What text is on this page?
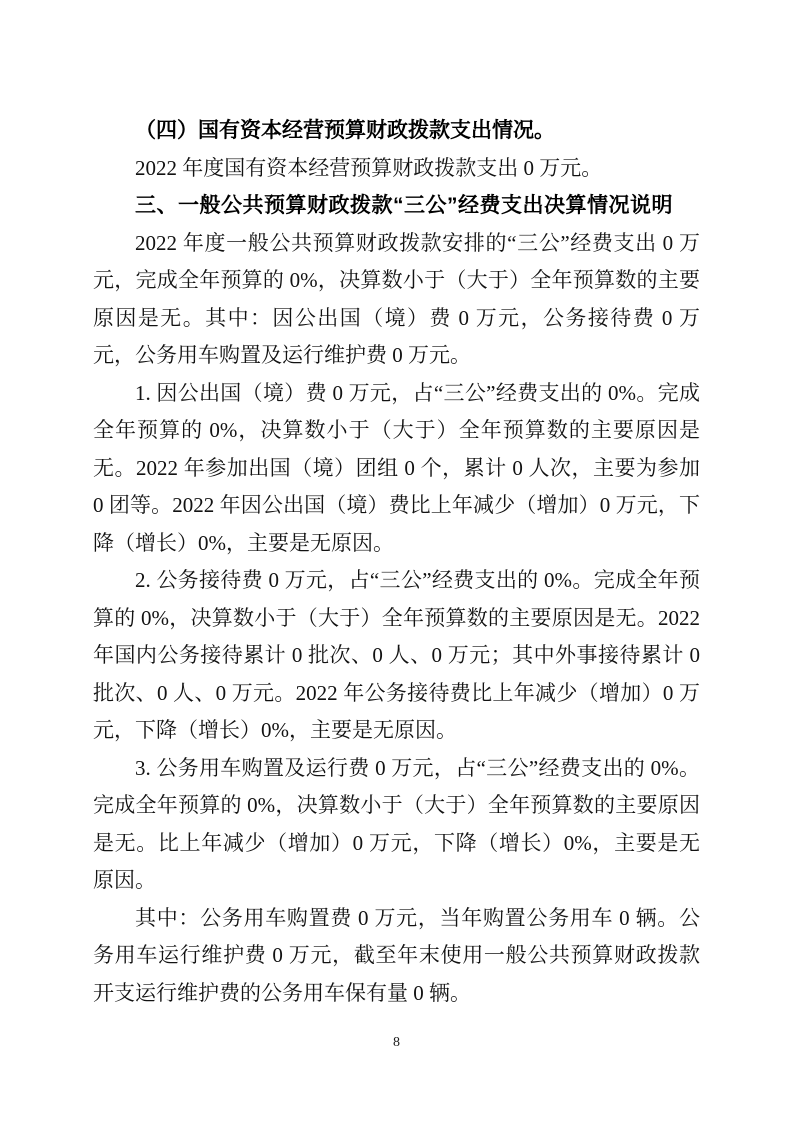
（四）国有资本经营预算财政拨款支出情况。

2022 年度国有资本经营预算财政拨款支出 0 万元。

三、一般公共预算财政拨款“三公”经费支出决算情况说明

2022 年度一般公共预算财政拨款安排的“三公”经费支出 0 万元，完成全年预算的 0%，决算数小于（大于）全年预算数的主要原因是无。其中：因公出国（境）费 0 万元，公务接待费 0 万元，公务用车购置及运行维护费 0 万元。

1. 因公出国（境）费 0 万元，占“三公”经费支出的 0%。完成全年预算的 0%，决算数小于（大于）全年预算数的主要原因是无。2022 年参加出国（境）团组 0 个，累计 0 人次，主要为参加 0 团等。2022 年因公出国（境）费比上年减少（增加）0 万元，下降（增长）0%，主要是无原因。

2. 公务接待费 0 万元，占“三公”经费支出的 0%。完成全年预算的 0%，决算数小于（大于）全年预算数的主要原因是无。2022 年国内公务接待累计 0 批次、0 人、0 万元；其中外事接待累计 0 批次、0 人、0 万元。2022 年公务接待费比上年减少（增加）0 万元，下降（增长）0%，主要是无原因。

3. 公务用车购置及运行费 0 万元，占“三公”经费支出的 0%。完成全年预算的 0%，决算数小于（大于）全年预算数的主要原因是无。比上年减少（增加）0 万元，下降（增长）0%，主要是无原因。

其中：公务用车购置费 0 万元，当年购置公务用车 0 辆。公务用车运行维护费 0 万元，截至年末使用一般公共预算财政拨款开支运行维护费的公务用车保有量 0 辆。

8
